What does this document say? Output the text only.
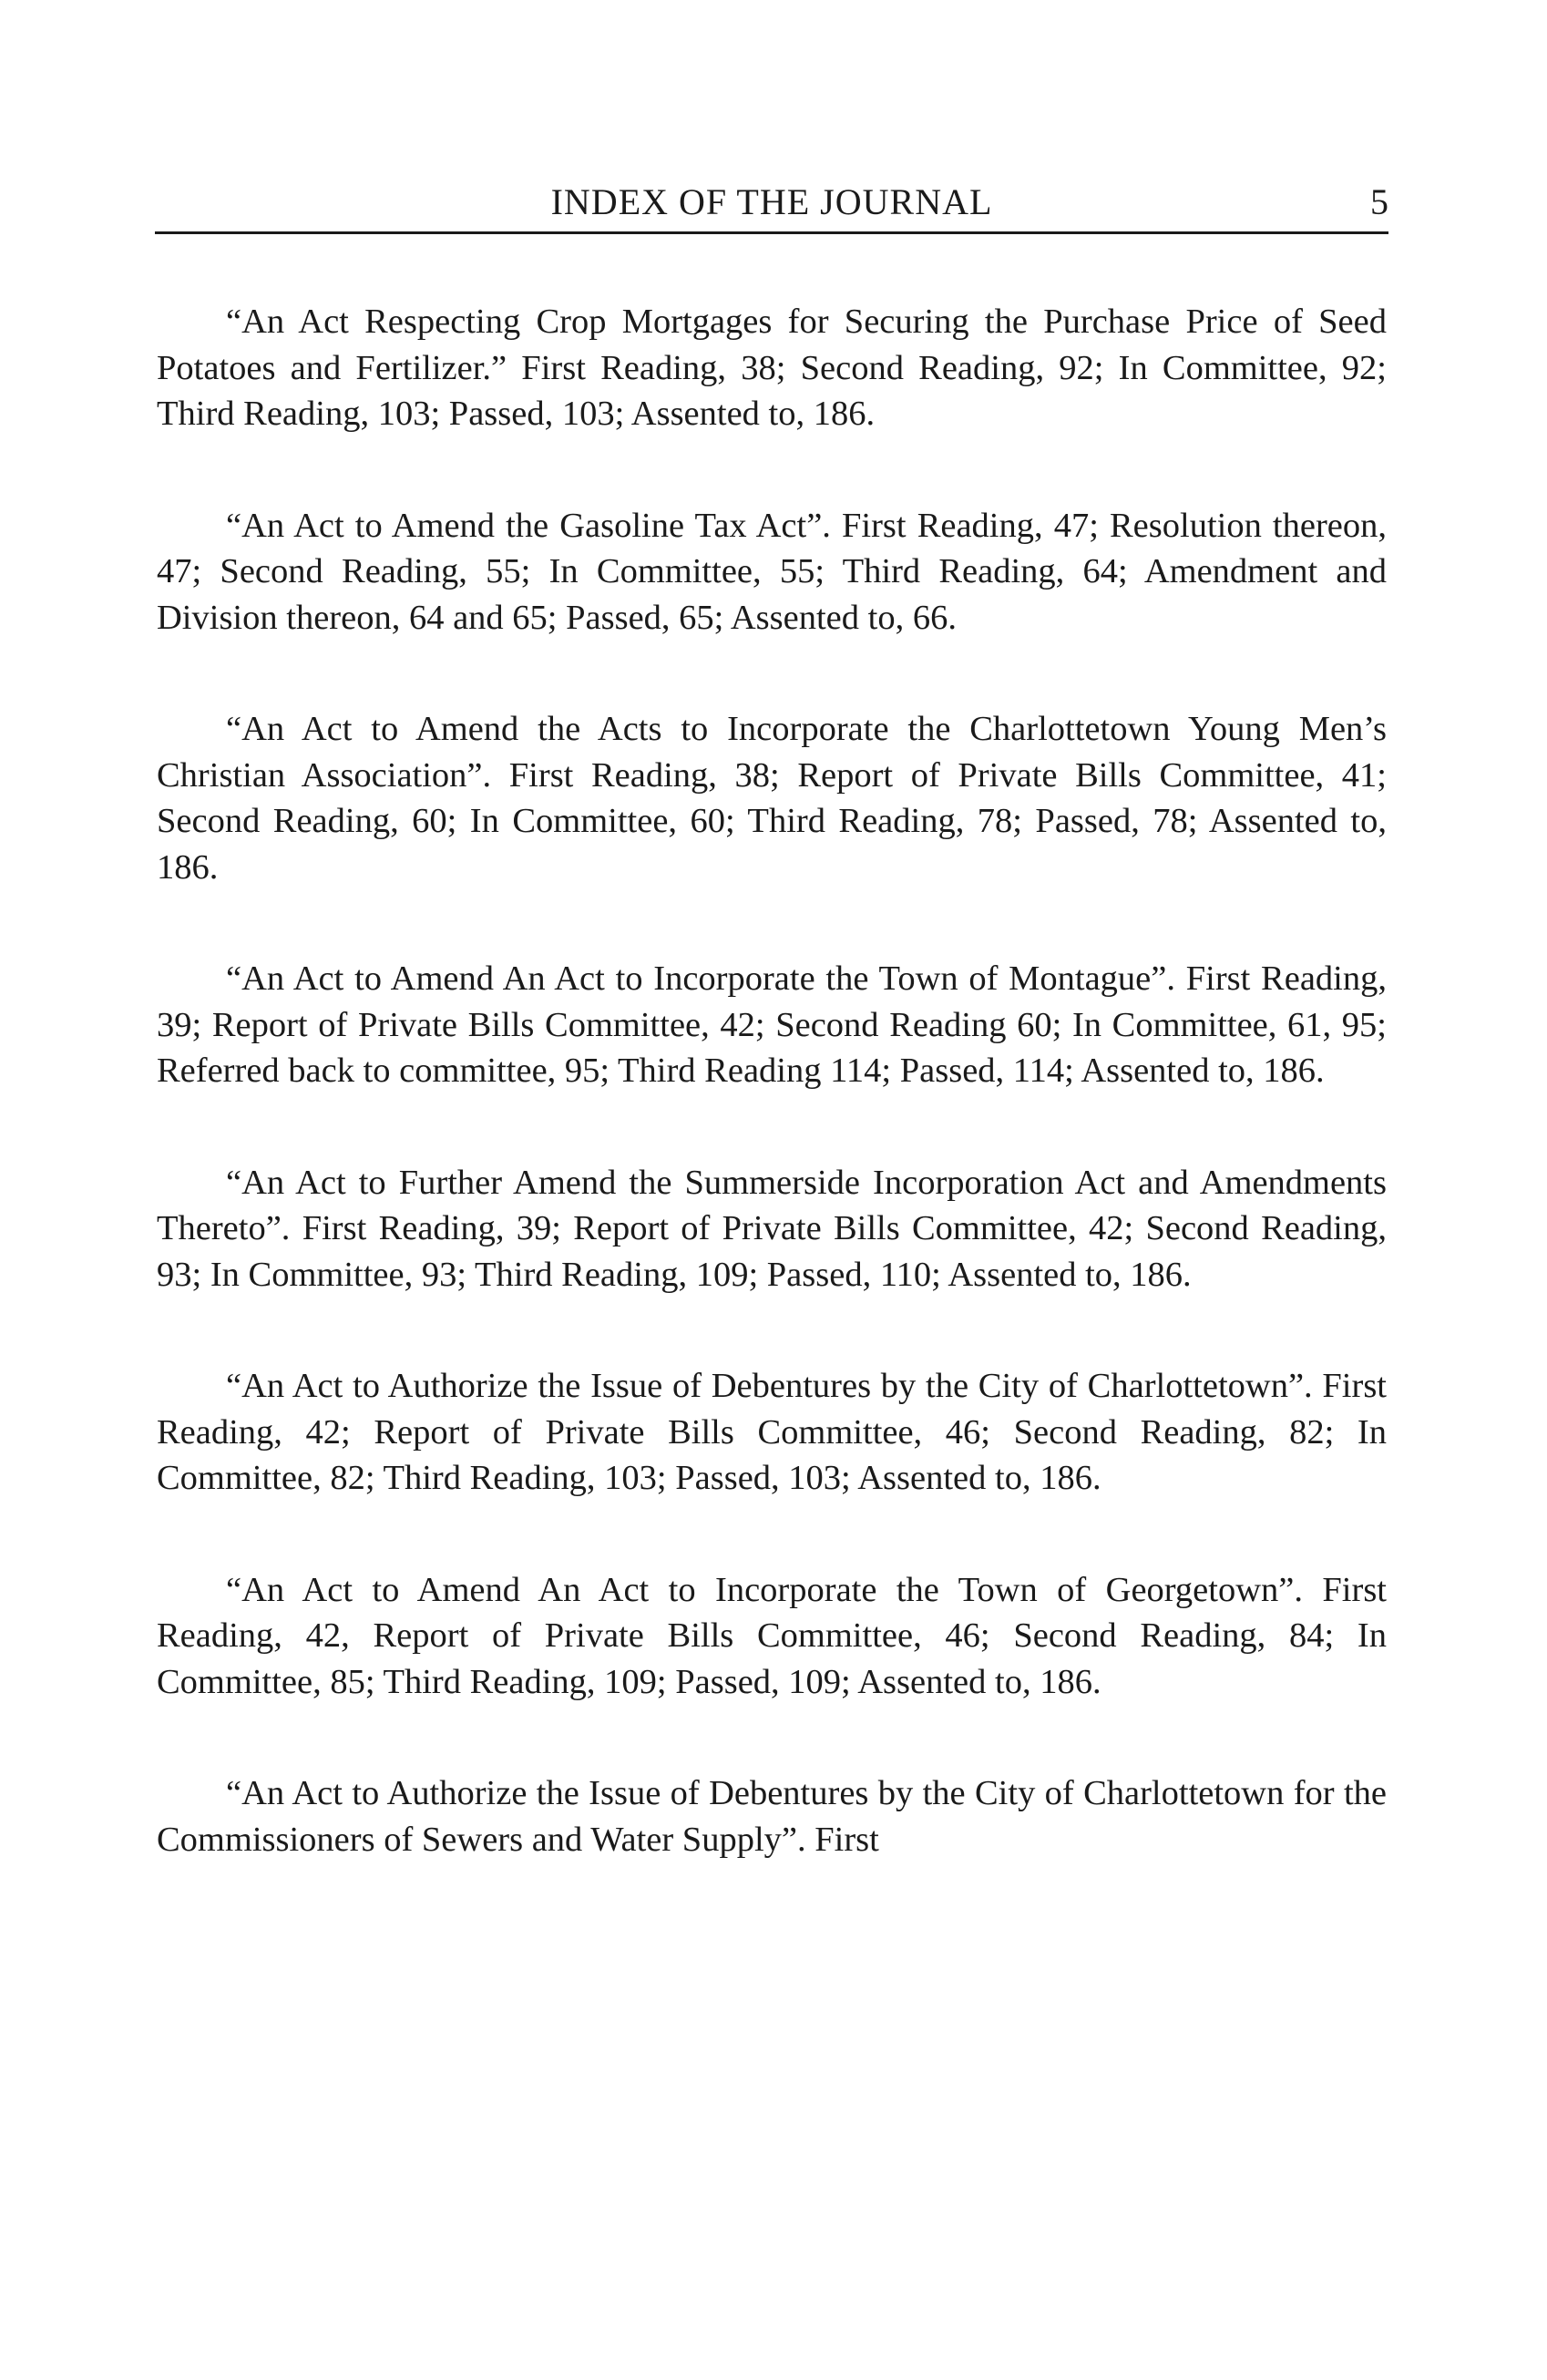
INDEX OF THE JOURNAL	5

“An Act Respecting Crop Mortgages for Securing the Purchase Price of Seed Potatoes and Fertilizer.” First Reading, 38; Second Reading, 92; In Committee, 92; Third Reading, 103; Passed, 103; Assented to, 186.

“An Act to Amend the Gasoline Tax Act”. First Reading, 47; Resolution thereon, 47; Second Reading, 55; In Committee, 55; Third Reading, 64; Amendment and Division thereon, 64 and 65; Passed, 65; Assented to, 66.

“An Act to Amend the Acts to Incorporate the Charlottetown Young Men’s Christian Association”. First Reading, 38; Report of Private Bills Committee, 41; Second Reading, 60; In Committee, 60; Third Reading, 78; Passed, 78; Assented to, 186.

“An Act to Amend An Act to Incorporate the Town of Montague”. First Reading, 39; Report of Private Bills Committee, 42; Second Reading 60; In Committee, 61, 95; Referred back to committee, 95; Third Reading 114; Passed, 114; Assented to, 186.

“An Act to Further Amend the Summerside Incorporation Act and Amendments Thereto”. First Reading, 39; Report of Private Bills Committee, 42; Second Reading, 93; In Committee, 93; Third Reading, 109; Passed, 110; Assented to, 186.

“An Act to Authorize the Issue of Debentures by the City of Charlottetown”. First Reading, 42; Report of Private Bills Committee, 46; Second Reading, 82; In Committee, 82; Third Reading, 103; Passed, 103; Assented to, 186.

“An Act to Amend An Act to Incorporate the Town of Georgetown”. First Reading, 42, Report of Private Bills Committee, 46; Second Reading, 84; In Committee, 85; Third Reading, 109; Passed, 109; Assented to, 186.

“An Act to Authorize the Issue of Debentures by the City of Charlottetown for the Commissioners of Sewers and Water Supply”. First
